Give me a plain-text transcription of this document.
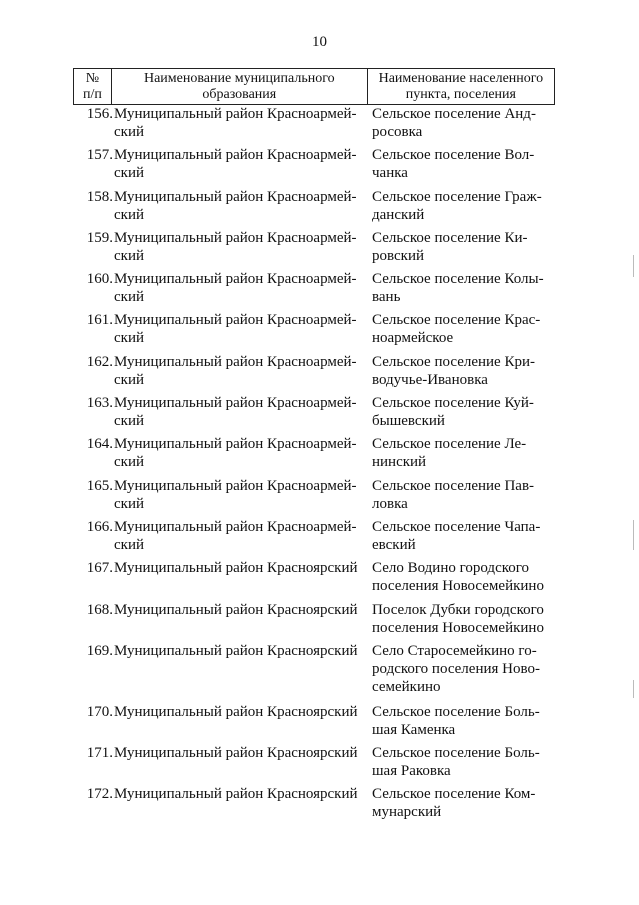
10
№
п/п
Наименование муниципального
образования
Наименование населенного
пункта, поселения
156. Муниципальный район Красноармей-
ский
Сельское поселение Анд-
росовка
157. Муниципальный район Красноармей-
ский
Сельское поселение Вол-
чанка
158. Муниципальный район Красноармей-
ский
Сельское поселение Граж-
данский
159. Муниципальный район Красноармей-
ский
Сельское поселение Ки-
ровский
160. Муниципальный район Красноармей-
ский
Сельское поселение Колы-
вань
161. Муниципальный район Красноармей-
ский
Сельское поселение Крас-
ноармейское
162. Муниципальный район Красноармей-
ский
Сельское поселение Кри-
водучье-Ивановка
163. Муниципальный район Красноармей-
ский
Сельское поселение Куй-
бышевский
164. Муниципальный район Красноармей-
ский
Сельское поселение Ле-
нинский
165. Муниципальный район Красноармей-
ский
Сельское поселение Пав-
ловка
166. Муниципальный район Красноармей-
ский
Сельское поселение Чапа-
евский
167. Муниципальный район Красноярский Село Водино городского
поселения Новосемейкино
168. Муниципальный район Красноярский Поселок Дубки городского
поселения Новосемейкино
169. Муниципальный район Красноярский Село Старосемейкино го-
родского поселения Ново-
семейкино
170. Муниципальный район Красноярский Сельское поселение Боль-
шая Каменка
171. Муниципальный район Красноярский Сельское поселение Боль-
шая Раковка
172. Муниципальный район Красноярский Сельское поселение Ком-
мунарский
